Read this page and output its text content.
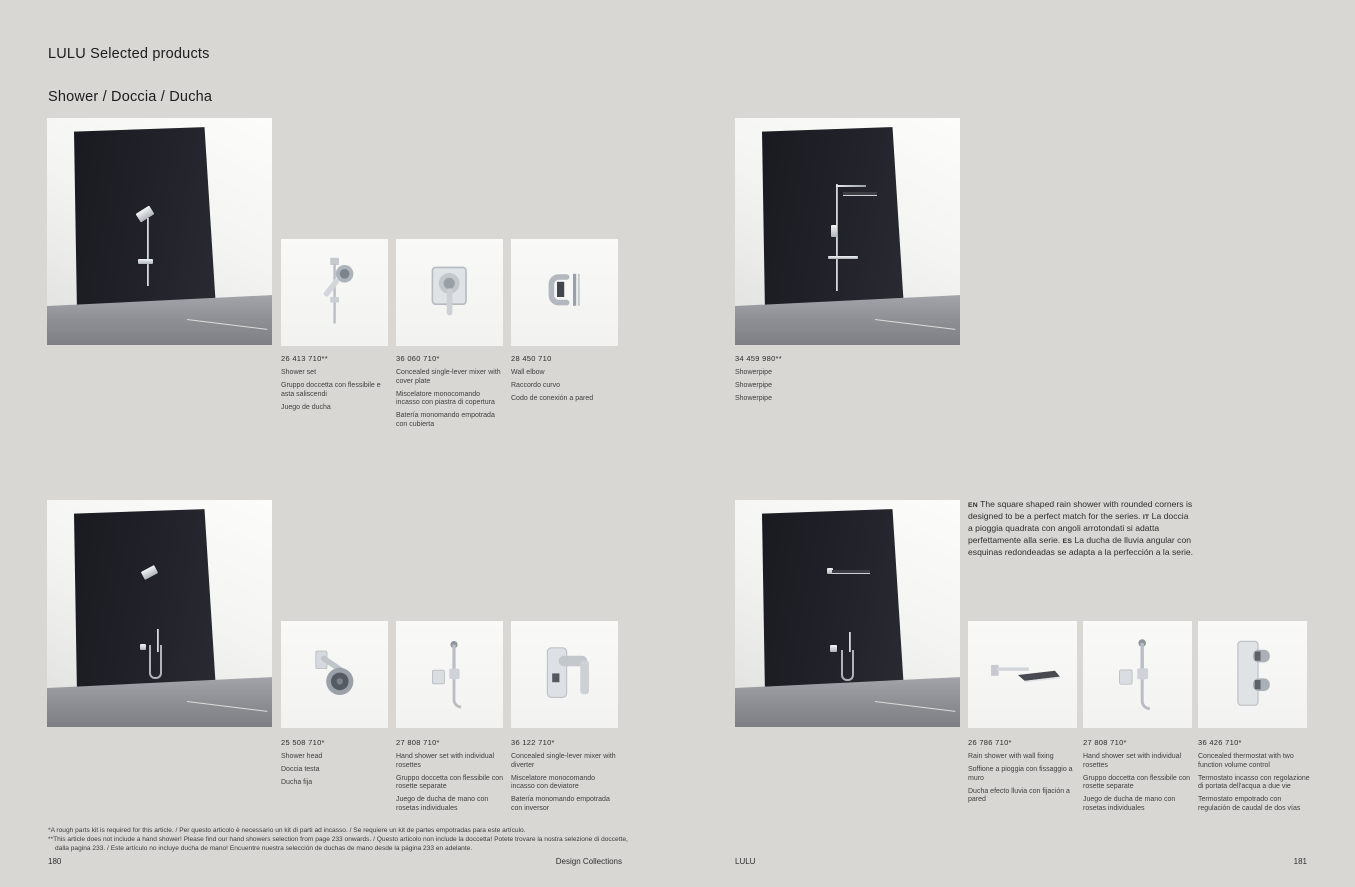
LULU Selected products
Shower / Doccia / Ducha
26 413 710**

Shower set

Gruppo doccetta con flessibile e asta saliscendi

Juego de ducha

36 060 710*

Concealed single-lever mixer with cover plate

Miscelatore monocomando incasso con piastra di copertura

Batería monomando empotrada con cubierta

28 450 710

Wall elbow

Raccordo curvo

Codo de conexión a pared

34 459 980**

Showerpipe

Showerpipe

Showerpipe

25 508 710*

Shower head

Doccia testa

Ducha fija

27 808 710*

Hand shower set with individual rosettes

Gruppo doccetta con flessibile con rosette separate

Juego de ducha de mano con rosetas individuales

36 122 710*

Concealed single-lever mixer with diverter

Miscelatore monocomando incasso con deviatore

Batería monomando empotrada con inversor

26 786 710*

Rain shower with wall fixing

Soffione a pioggia con fissaggio a muro

Ducha efecto lluvia con fijación a pared

27 808 710*

Hand shower set with individual rosettes

Gruppo doccetta con flessibile con rosette separate

Juego de ducha de mano con rosetas individuales

36 426 710*

Concealed thermostat with two function volume control

Termostato incasso con regolazione di portata dell'acqua a due vie

Termostato empotrado con regulación de caudal de dos vías

EN The square shaped rain shower with rounded corners is designed to be a perfect match for the series. IT La doccia a pioggia quadrata con angoli arrotondati si adatta perfettamente alla serie. ES La ducha de lluvia angular con esquinas redondeadas se adapta a la perfección a la serie.

*A rough parts kit is required for this article. / Per questo articolo è necessario un kit di parti ad incasso. / Se requiere un kit de partes empotradas para este artículo.

**This article does not include a hand shower! Please find our hand showers selection from page 233 onwards. / Questo articolo non include la doccetta! Potete trovare la nostra selezione di doccette, dalla pagina 233. / Este artículo no incluye ducha de mano! Encuentre nuestra selección de duchas de mano desde la página 233 en adelante.

180	Design Collections	LULU	181
